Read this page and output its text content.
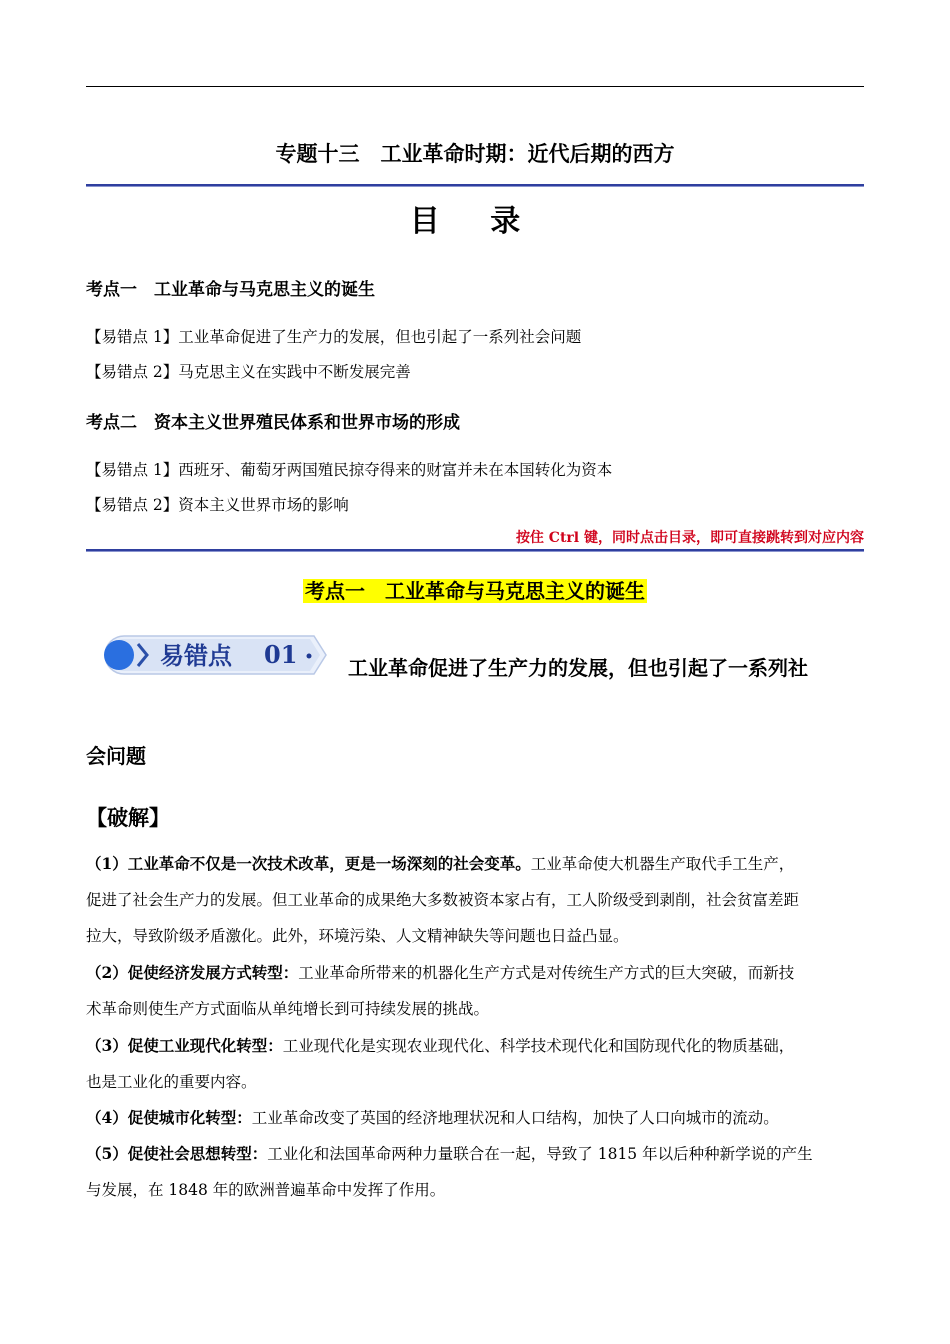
专题十三　工业革命时期：近代后期的西方
目 录
考点一　工业革命与马克思主义的诞生
【易错点 1】工业革命促进了生产力的发展，但也引起了一系列社会问题
【易错点 2】马克思主义在实践中不断发展完善
考点二　资本主义世界殖民体系和世界市场的形成
【易错点 1】西班牙、葡萄牙两国殖民掠夺得来的财富并未在本国转化为资本
【易错点 2】资本主义世界市场的影响
按住 Ctrl 键，同时点击目录，即可直接跳转到对应内容
考点一　工业革命与马克思主义的诞生
易错点 01	工业革命促进了生产力的发展，但也引起了一系列社
会问题
【破解】
（1）工业革命不仅是一次技术改革，更是一场深刻的社会变革。工业革命使大机器生产取代手工生产，
促进了社会生产力的发展。但工业革命的成果绝大多数被资本家占有，工人阶级受到剥削，社会贫富差距
拉大，导致阶级矛盾激化。此外，环境污染、人文精神缺失等问题也日益凸显。
（2）促使经济发展方式转型：工业革命所带来的机器化生产方式是对传统生产方式的巨大突破，而新技
术革命则使生产方式面临从单纯增长到可持续发展的挑战。
（3）促使工业现代化转型：工业现代化是实现农业现代化、科学技术现代化和国防现代化的物质基础，
也是工业化的重要内容。
（4）促使城市化转型：工业革命改变了英国的经济地理状况和人口结构，加快了人口向城市的流动。
（5）促使社会思想转型：工业化和法国革命两种力量联合在一起，导致了 1815 年以后种种新学说的产生
与发展，在 1848 年的欧洲普遍革命中发挥了作用。
